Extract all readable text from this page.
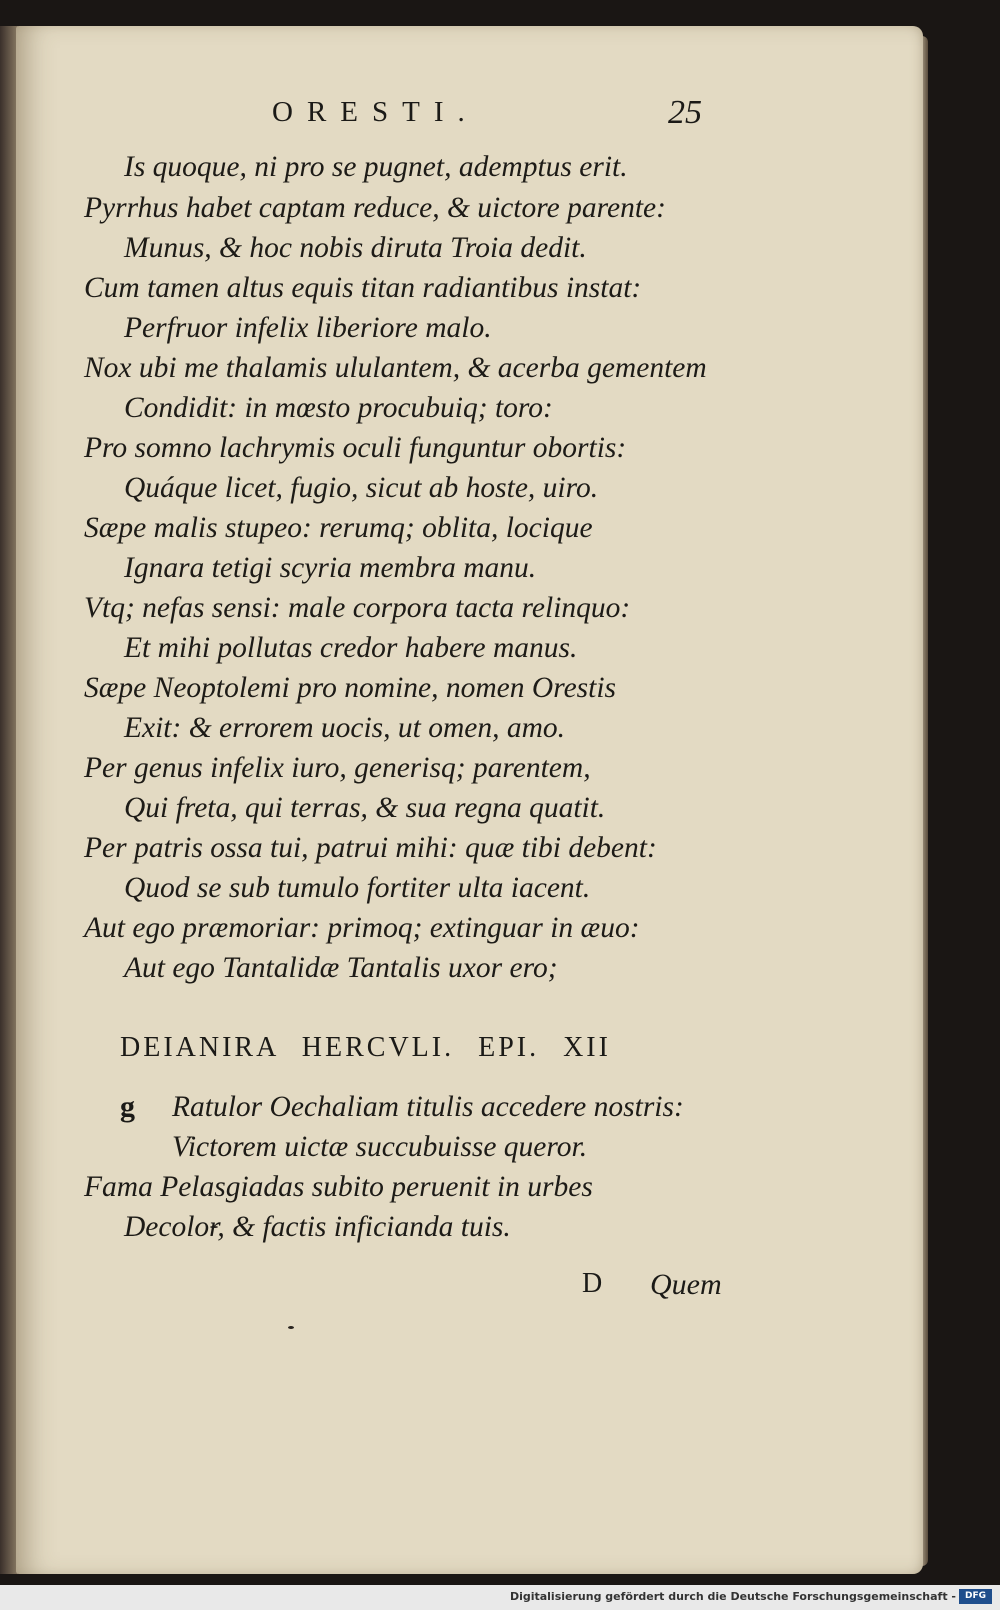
ORESTI.	25
Is quoque, ni pro se pugnet, ademptus erit.
Pyrrhus habet captam reduce, & uictore parente:
Munus, & hoc nobis diruta Troia dedit.
Cum tamen altus equis titan radiantibus instat:
Perfruor infelix liberiore malo.
Nox ubi me thalamis ululantem, & acerba gementem
Condidit: in mœsto procubuiq; toro:
Pro somno lachrymis oculi funguntur obortis:
Quáque licet, fugio, sicut ab hoste, uiro.
Sæpe malis stupeo: rerumq; oblita, locique
Ignara tetigi scyria membra manu.
Vtq; nefas sensi: male corpora tacta relinquo:
Et mihi pollutas credor habere manus.
Sæpe Neoptolemi pro nomine, nomen Orestis
Exit: & errorem uocis, ut omen, amo.
Per genus infelix iuro, generisq; parentem,
Qui freta, qui terras, & sua regna quatit.
Per patris ossa tui, patrui mihi: quæ tibi debent:
Quod se sub tumulo fortiter ulta iacent.
Aut ego præmoriar: primoq; extinguar in æuo:
Aut ego Tantalidæ Tantalis uxor ero;
DEIANIRA HERCVLI. EPI. XII
g Ratulor Oechaliam titulis accedere nostris:
Victorem uictæ succubuisse queror.
Fama Pelasgiadas subito peruenit in urbes
Decolor, & factis inficianda tuis.
D Quem
Digitalisierung gefördert durch die Deutsche Forschungsgemeinschaft - DFG
